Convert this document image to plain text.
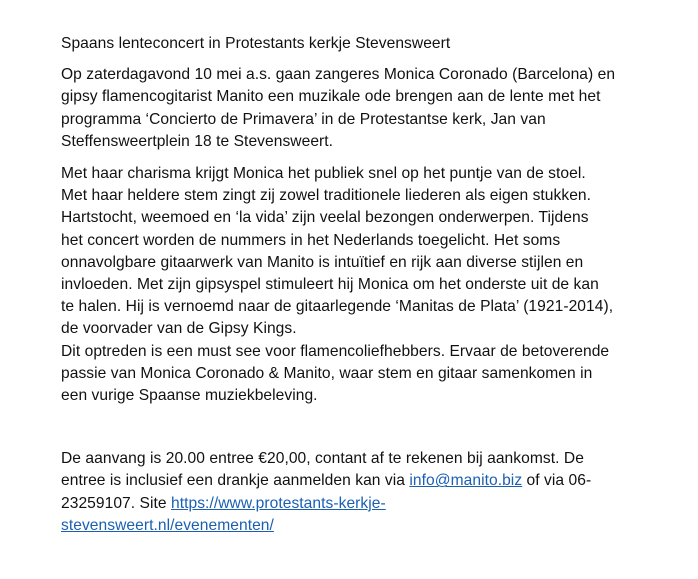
Spaans lenteconcert in Protestants kerkje Stevensweert
Op zaterdagavond 10 mei a.s. gaan zangeres Monica Coronado (Barcelona) en
gipsy flamencogitarist Manito een muzikale ode brengen aan de lente met het
programma ‘Concierto de Primavera’ in de Protestantse kerk, Jan van
Steffensweertplein 18 te Stevensweert.
Met haar charisma krijgt Monica het publiek snel op het puntje van de stoel.
Met haar heldere stem zingt zij zowel traditionele liederen als eigen stukken.
Hartstocht, weemoed en ‘la vida’ zijn veelal bezongen onderwerpen. Tijdens
het concert worden de nummers in het Nederlands toegelicht. Het soms
onnavolgbare gitaarwerk van Manito is intuïtief en rijk aan diverse stijlen en
invloeden. Met zijn gipsyspel stimuleert hij Monica om het onderste uit de kan
te halen. Hij is vernoemd naar de gitaarlegende ‘Manitas de Plata’ (1921-2014),
de voorvader van de Gipsy Kings.
Dit optreden is een must see voor flamencoliefhebbers. Ervaar de betoverende
passie van Monica Coronado & Manito, waar stem en gitaar samenkomen in
een vurige Spaanse muziekbeleving.
De aanvang is 20.00 entree €20,00, contant af te rekenen bij aankomst. De
entree is inclusief een drankje aanmelden kan via info@manito.biz of via 06-
23259107. Site https://www.protestants-kerkje-
stevensweert.nl/evenementen/
